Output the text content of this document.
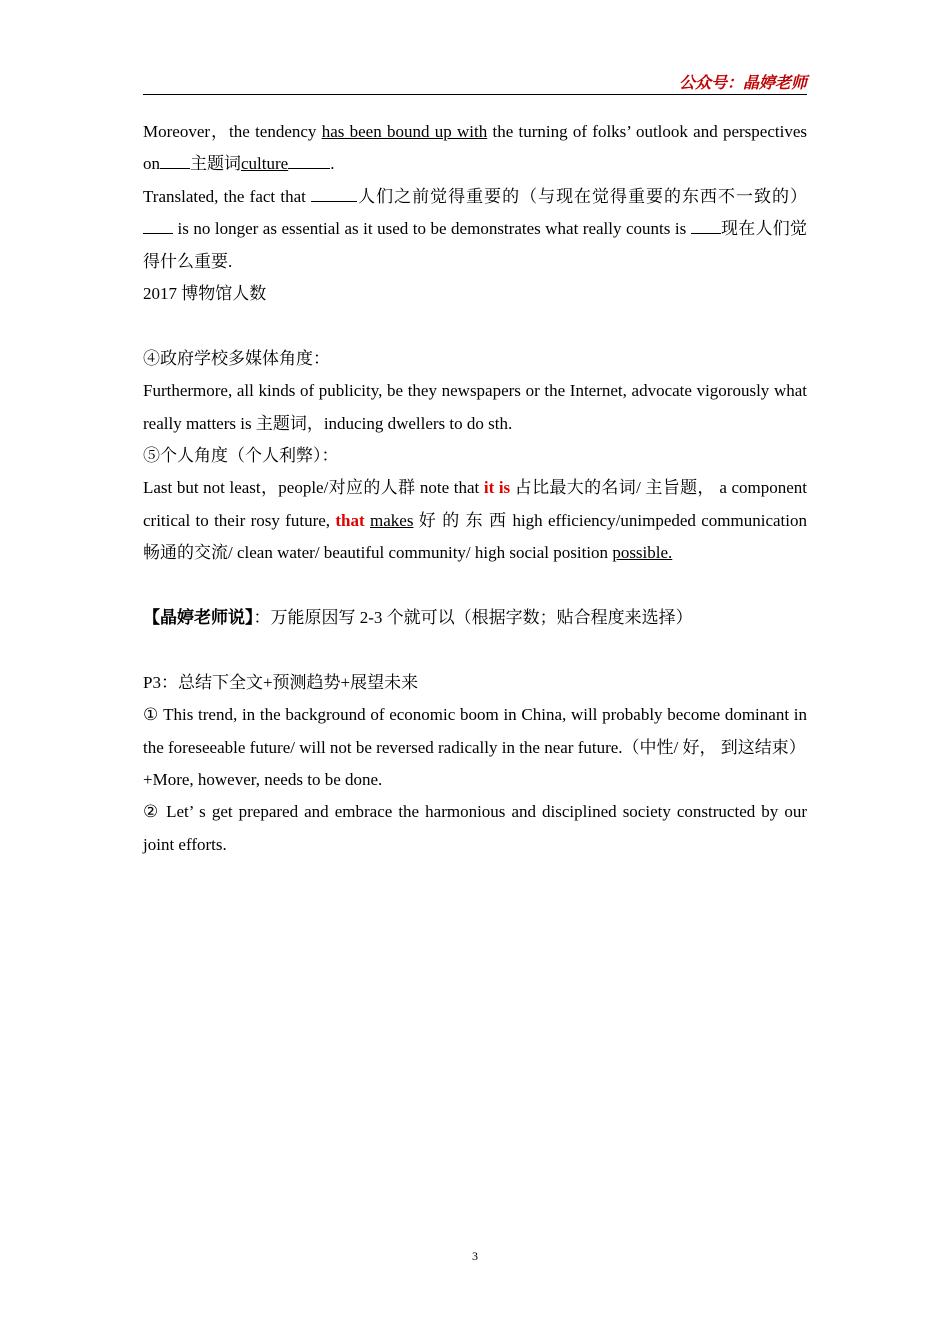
公众号：晶婷老师

Moreover，the tendency has been bound up with the turning of folks’ outlook and perspectives on 主题词culture .

Translated, the fact that	人们之前觉得重要的（与现在觉得重要的东西不一致的） is no longer as essential as it used to be demonstrates what really counts is 现在人们觉得什么重要.

2017 博物馆人数

④政府学校多媒体角度：

Furthermore, all kinds of publicity, be they newspapers or the Internet, advocate vigorously what really matters is 主题词，inducing dwellers to do sth.

⑤个人角度（个人利弊）：

Last but not least，people/对应的人群 note that it is 占比最大的名词/ 主旨题， a component critical to their rosy future, that makes 好 的 东 西 high efficiency/unimpeded communication 畅通的交流/ clean water/ beautiful community/ high social position possible.

【晶婷老师说】：万能原因写 2-3 个就可以（根据字数；贴合程度来选择）

P3：总结下全文+预测趋势+展望未来

① This trend, in the background of economic boom in China, will probably become dominant in the foreseeable future/ will not be reversed radically in the near future.（中性/ 好， 到这结束）

+More, however, needs to be done.

② Let’ s get prepared and embrace the harmonious and disciplined society constructed by our joint efforts.

3
